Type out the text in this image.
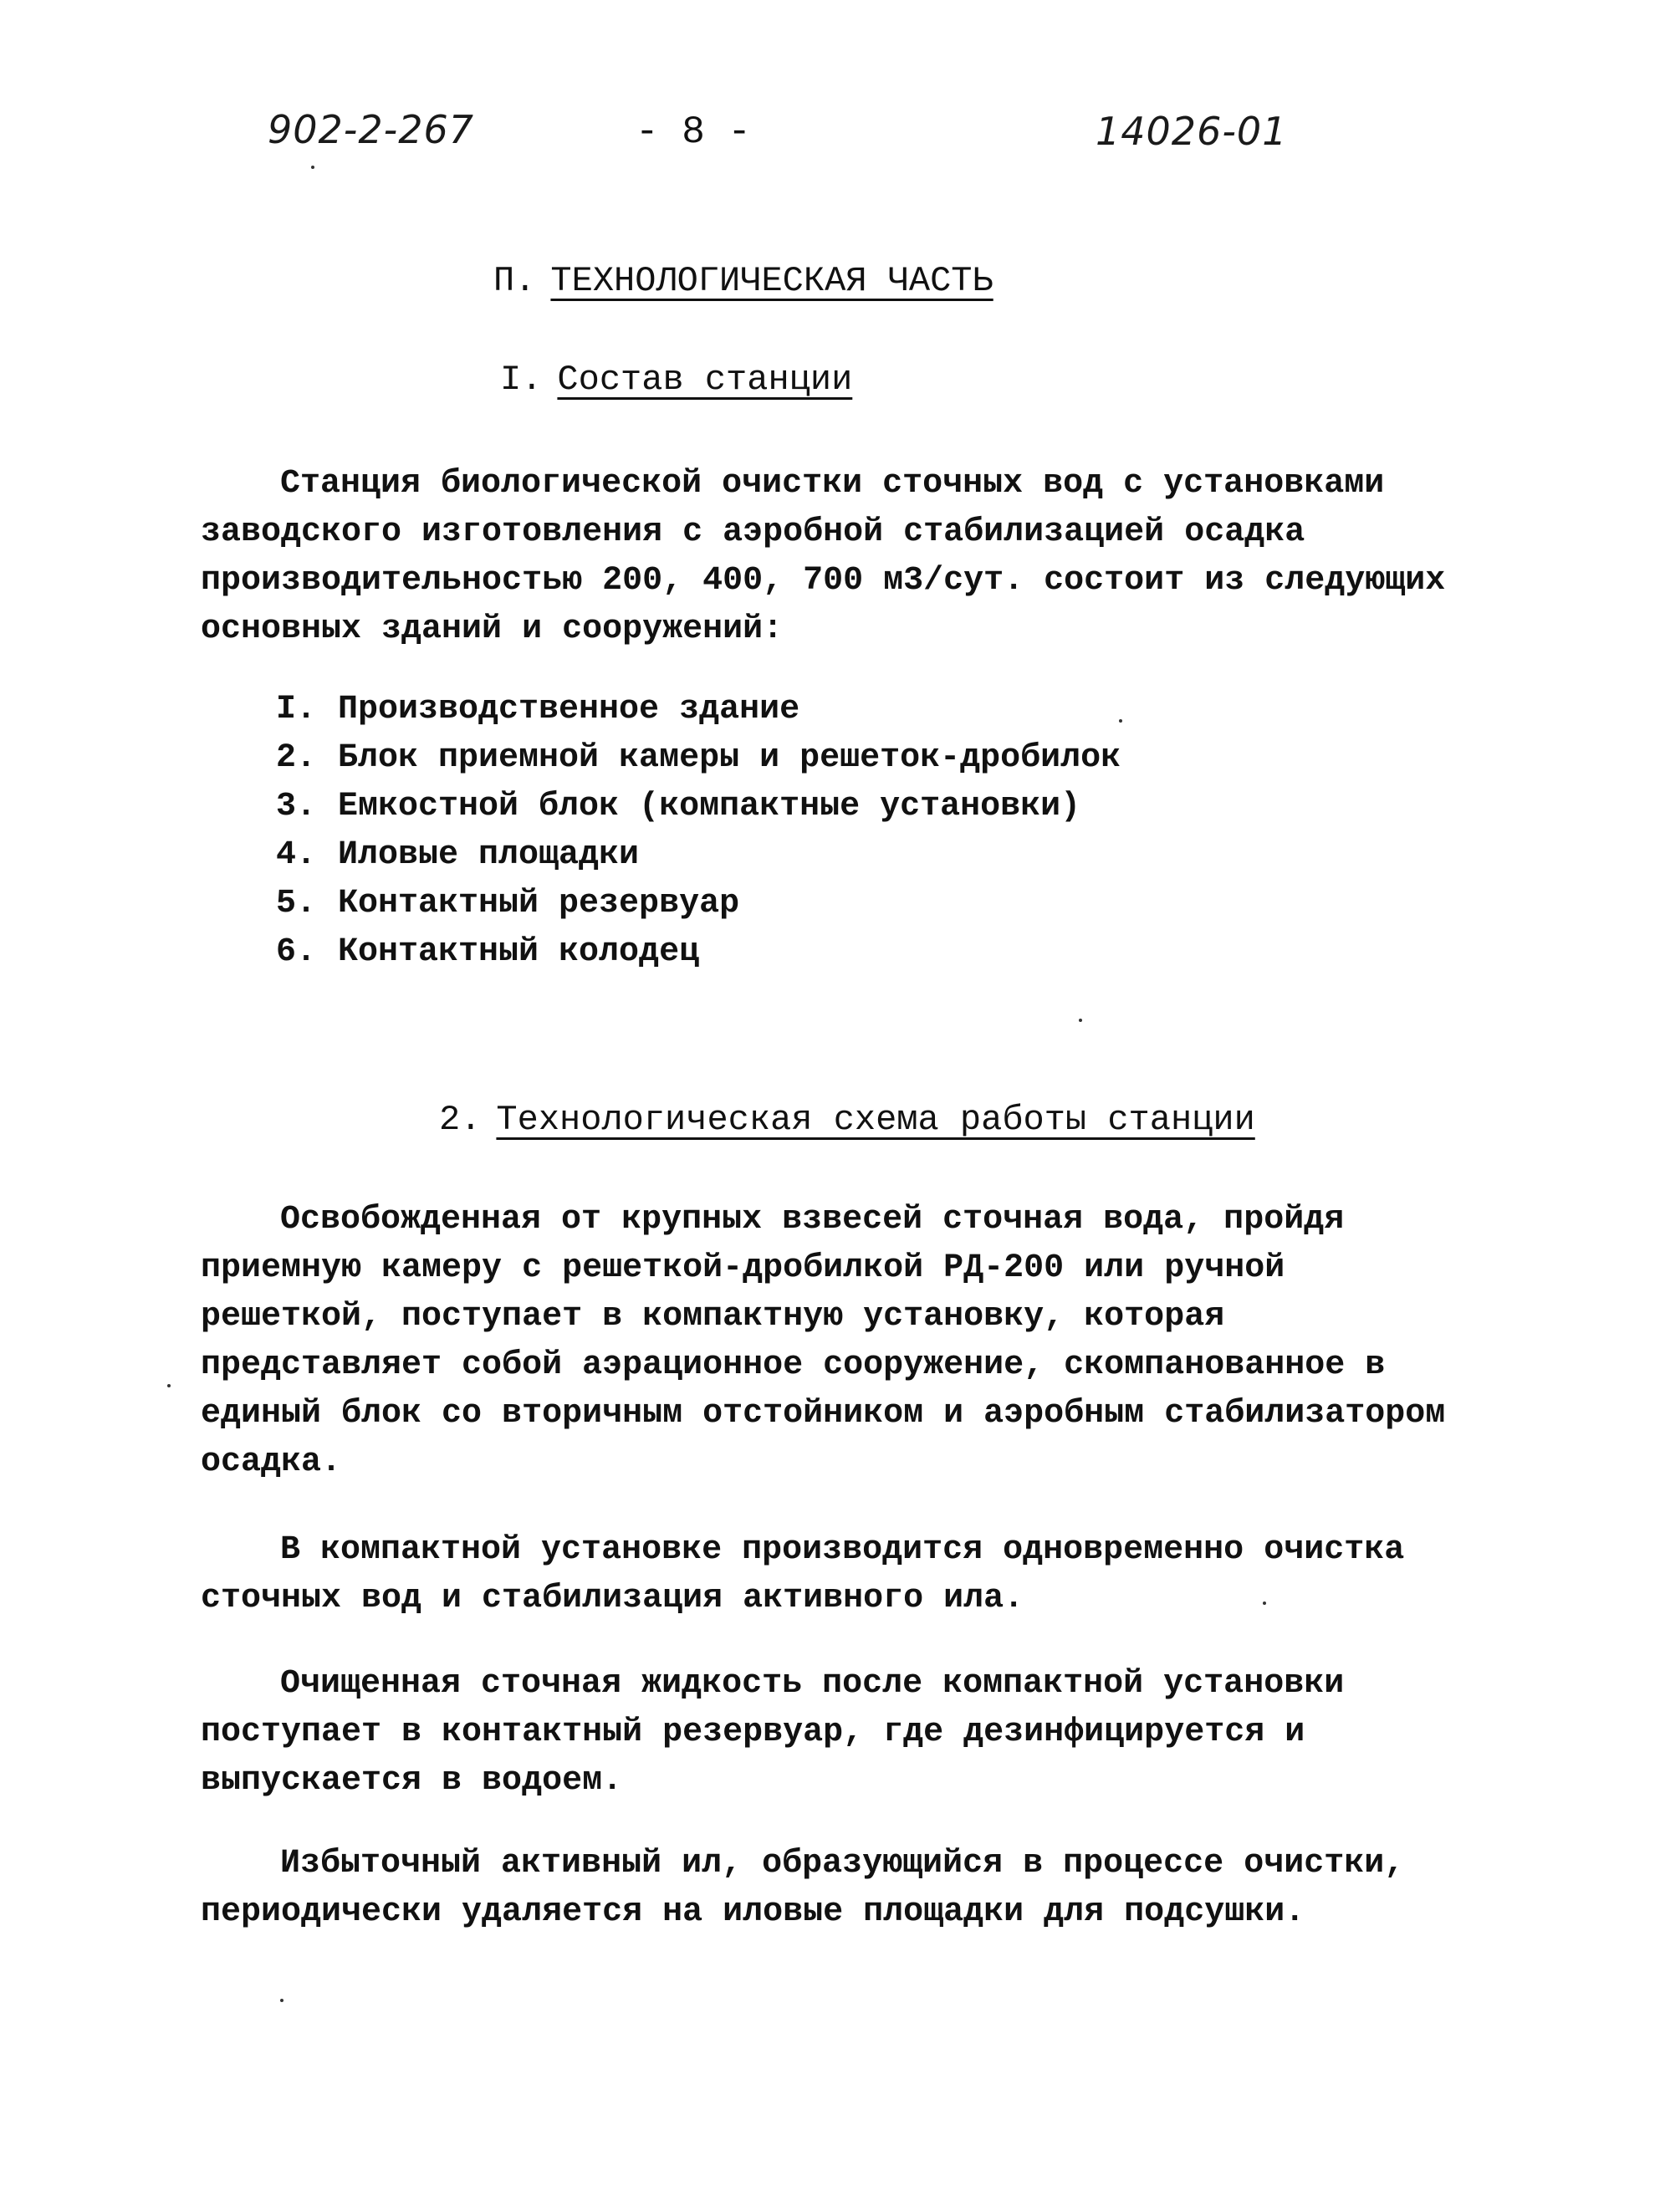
902-2-267	- 8 -	14026-01
П. ТЕХНОЛОГИЧЕСКАЯ ЧАСТЬ
I. Состав станции

Станция биологической очистки сточных вод с установками заводского изготовления с аэробной стабилизацией осадка производительностью 200, 400, 700 м3/сут. состоит из следующих основных зданий и сооружений:

I. Производственное здание
2. Блок приемной камеры и решеток-дробилок
3. Емкостной блок (компактные установки)
4. Иловые площадки
5. Контактный резервуар
6. Контактный колодец
2. Технологическая схема работы станции

Освобожденная от крупных взвесей сточная вода, пройдя приемную камеру с решеткой-дробилкой РД-200 или ручной решеткой, поступает в компактную установку, которая представляет собой аэрационное сооружение, скомпанованное в единый блок со вторичным отстойником и аэробным стабилизатором осадка.

В компактной установке производится одновременно очистка сточных вод и стабилизация активного ила.

Очищенная сточная жидкость после компактной установки поступает в контактный резервуар, где дезинфицируется и выпускается в водоем.

Избыточный активный ил, образующийся в процессе очистки, периодически удаляется на иловые площадки для подсушки.
